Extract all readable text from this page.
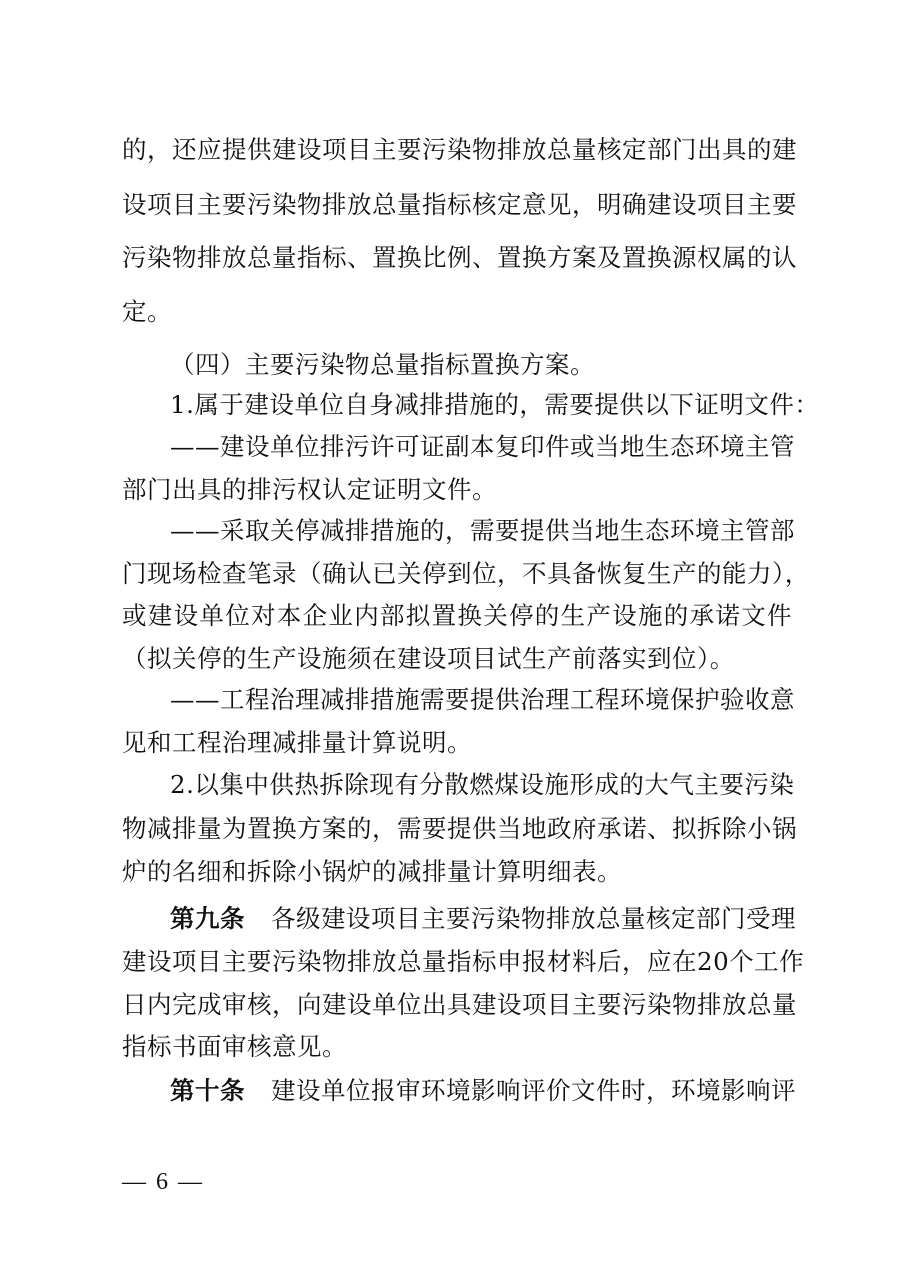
的，还应提供建设项目主要污染物排放总量核定部门出具的建
设项目主要污染物排放总量指标核定意见，明确建设项目主要
污染物排放总量指标、置换比例、置换方案及置换源权属的认
定。
（四）主要污染物总量指标置换方案。
1.属于建设单位自身减排措施的，需要提供以下证明文件：
——建设单位排污许可证副本复印件或当地生态环境主管
部门出具的排污权认定证明文件。
——采取关停减排措施的，需要提供当地生态环境主管部
门现场检查笔录（确认已关停到位，不具备恢复生产的能力），
或建设单位对本企业内部拟置换关停的生产设施的承诺文件
（拟关停的生产设施须在建设项目试生产前落实到位）。
——工程治理减排措施需要提供治理工程环境保护验收意
见和工程治理减排量计算说明。
2.以集中供热拆除现有分散燃煤设施形成的大气主要污染
物减排量为置换方案的，需要提供当地政府承诺、拟拆除小锅
炉的名细和拆除小锅炉的减排量计算明细表。
第九条 各级建设项目主要污染物排放总量核定部门受理
建设项目主要污染物排放总量指标申报材料后，应在20个工作
日内完成审核，向建设单位出具建设项目主要污染物排放总量
指标书面审核意见。
第十条 建设单位报审环境影响评价文件时，环境影响评
— 6 —
